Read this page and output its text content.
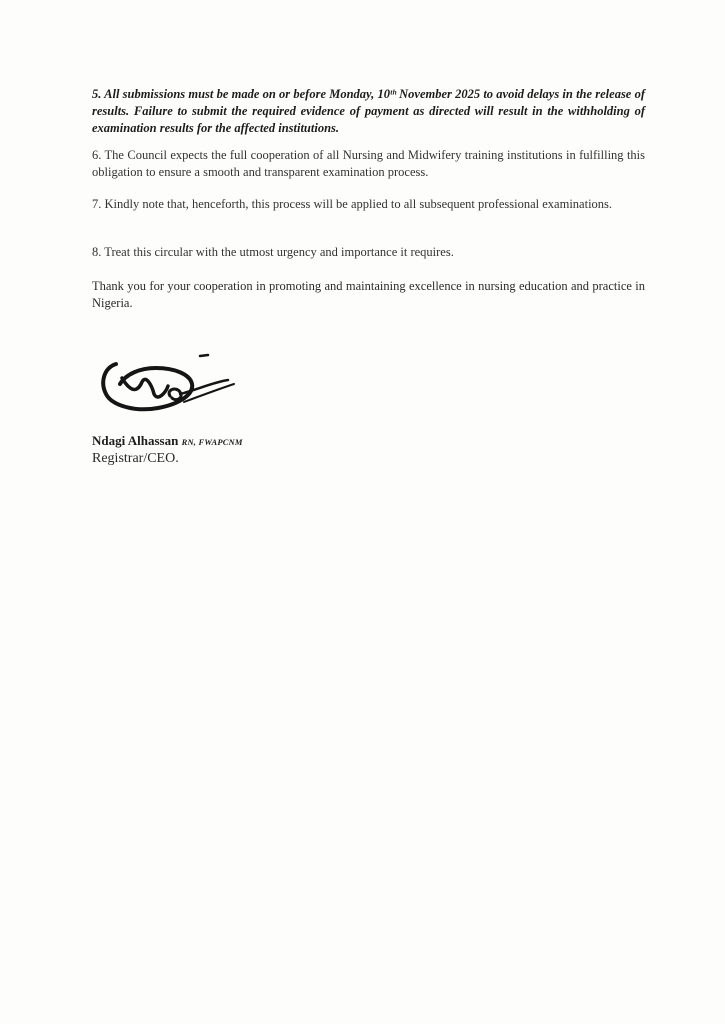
5. All submissions must be made on or before Monday, 10ᵗʰ November 2025 to avoid delays in the release of results. Failure to submit the required evidence of payment as directed will result in the withholding of examination results for the affected institutions.

6. The Council expects the full cooperation of all Nursing and Midwifery training institutions in fulfilling this obligation to ensure a smooth and transparent examination process.

7. Kindly note that, henceforth, this process will be applied to all subsequent professional examinations.

8. Treat this circular with the utmost urgency and importance it requires.

Thank you for your cooperation in promoting and maintaining excellence in nursing education and practice in Nigeria.

Ndagi Alhassan RN, FWAPCNM
Registrar/CEO.
